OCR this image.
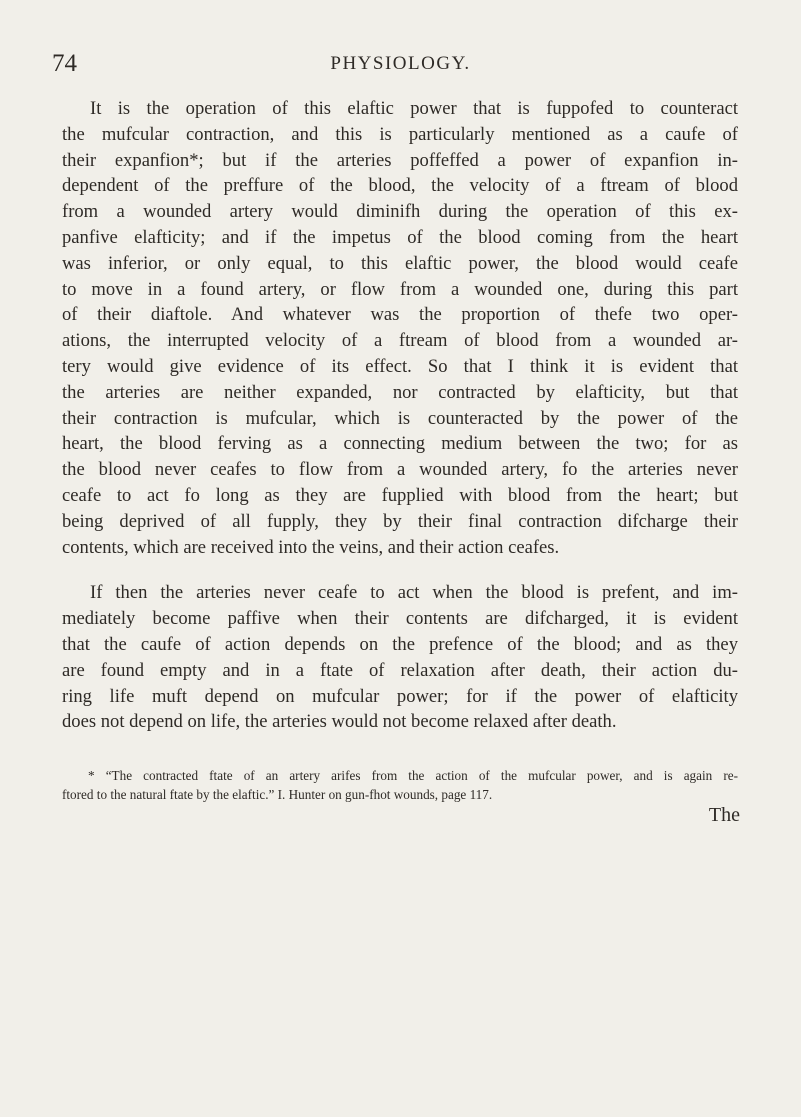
74	PHYSIOLOGY.
It is the operation of this elaftic power that is fuppofed to counteract
the mufcular contraction, and this is particularly mentioned as a caufe of
their expanfion*; but if the arteries poffeffed a power of expanfion in-
dependent of the preffure of the blood, the velocity of a ftream of blood
from a wounded artery would diminifh during the operation of this ex-
panfive elafticity; and if the impetus of the blood coming from the heart
was inferior, or only equal, to this elaftic power, the blood would ceafe
to move in a found artery, or flow from a wounded one, during this part
of their diaftole. And whatever was the proportion of thefe two oper-
ations, the interrupted velocity of a ftream of blood from a wounded ar-
tery would give evidence of its effect. So that I think it is evident that
the arteries are neither expanded, nor contracted by elafticity, but that
their contraction is mufcular, which is counteracted by the power of the
heart, the blood ferving as a connecting medium between the two; for as
the blood never ceafes to flow from a wounded artery, fo the arteries never
ceafe to act fo long as they are fupplied with blood from the heart; but
being deprived of all fupply, they by their final contraction difcharge their
contents, which are received into the veins, and their action ceafes.
If then the arteries never ceafe to act when the blood is prefent, and im-
mediately become paffive when their contents are difcharged, it is evident
that the caufe of action depends on the prefence of the blood; and as they
are found empty and in a ftate of relaxation after death, their action du-
ring life muft depend on mufcular power; for if the power of elafticity
does not depend on life, the arteries would not become relaxed after death.
* “The contracted ftate of an artery arifes from the action of the mufcular power, and is again re-
ftored to the natural ftate by the elaftic.” I. Hunter on gun-fhot wounds, page 117.
The
